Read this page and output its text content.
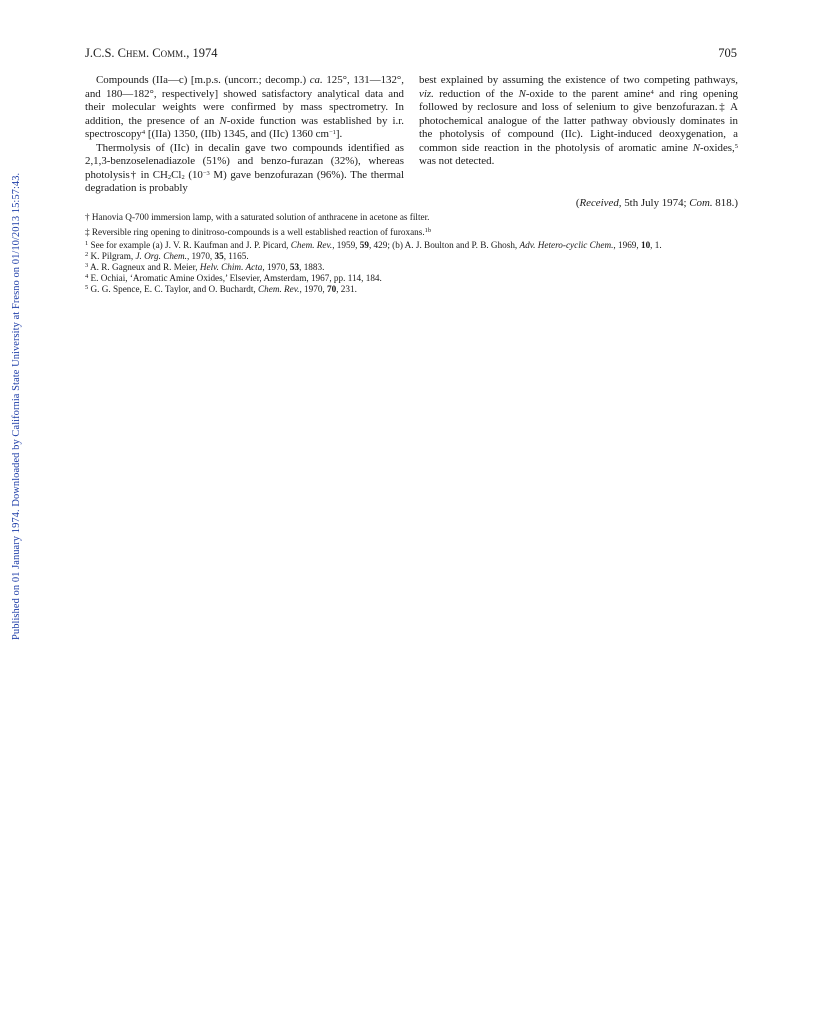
Published on 01 January 1974. Downloaded by California State University at Fresno on 01/10/2013 15:57:43.
J.C.S. Chem. Comm., 1974	705

Compounds (IIa—c) [m.p.s. (uncorr.; decomp.) ca. 125°, 131—132°, and 180—182°, respectively] showed satisfactory analytical data and their molecular weights were confirmed by mass spectrometry. In addition, the presence of an N-oxide function was established by i.r. spectroscopy$^4$ [(IIa) 1350, (IIb) 1345, and (IIc) 1360 $cm^{-1}$].

Thermolysis of (IIc) in decalin gave two compounds identified as 2,1,3-benzoselenadiazole (51%) and benzo-furazan (32%), whereas photolysis† in $CH_2Cl_2$ ($10^{-3}$ M) gave benzofurazan (96%). The thermal degradation is probably

best explained by assuming the existence of two competing pathways, viz. reduction of the N-oxide to the parent amine$^4$ and ring opening followed by reclosure and loss of selenium to give benzofurazan.‡ A photochemical analogue of the latter pathway obviously dominates in the photolysis of compound (IIc). Light-induced deoxygenation, a common side reaction in the photolysis of aromatic amine N-oxides,$^5$ was not detected.
(Received, 5th July 1974; Com. 818.)
† Hanovia Q-700 immersion lamp, with a saturated solution of anthracene in acetone as filter.
‡ Reversible ring opening to dinitroso-compounds is a well established reaction of furoxans.$^{1b}$
$^1$ See for example (a) J. V. R. Kaufman and J. P. Picard, Chem. Rev., 1959, 59, 429; (b) A. J. Boulton and P. B. Ghosh, Adv. Hetero-cyclic Chem., 1969, 10, 1.
$^2$ K. Pilgram, J. Org. Chem., 1970, 35, 1165.
$^3$ A. R. Gagneux and R. Meier, Helv. Chim. Acta, 1970, 53, 1883.
$^4$ E. Ochiai, ‘Aromatic Amine Oxides,’ Elsevier, Amsterdam, 1967, pp. 114, 184.
$^5$ G. G. Spence, E. C. Taylor, and O. Buchardt, Chem. Rev., 1970, 70, 231.
